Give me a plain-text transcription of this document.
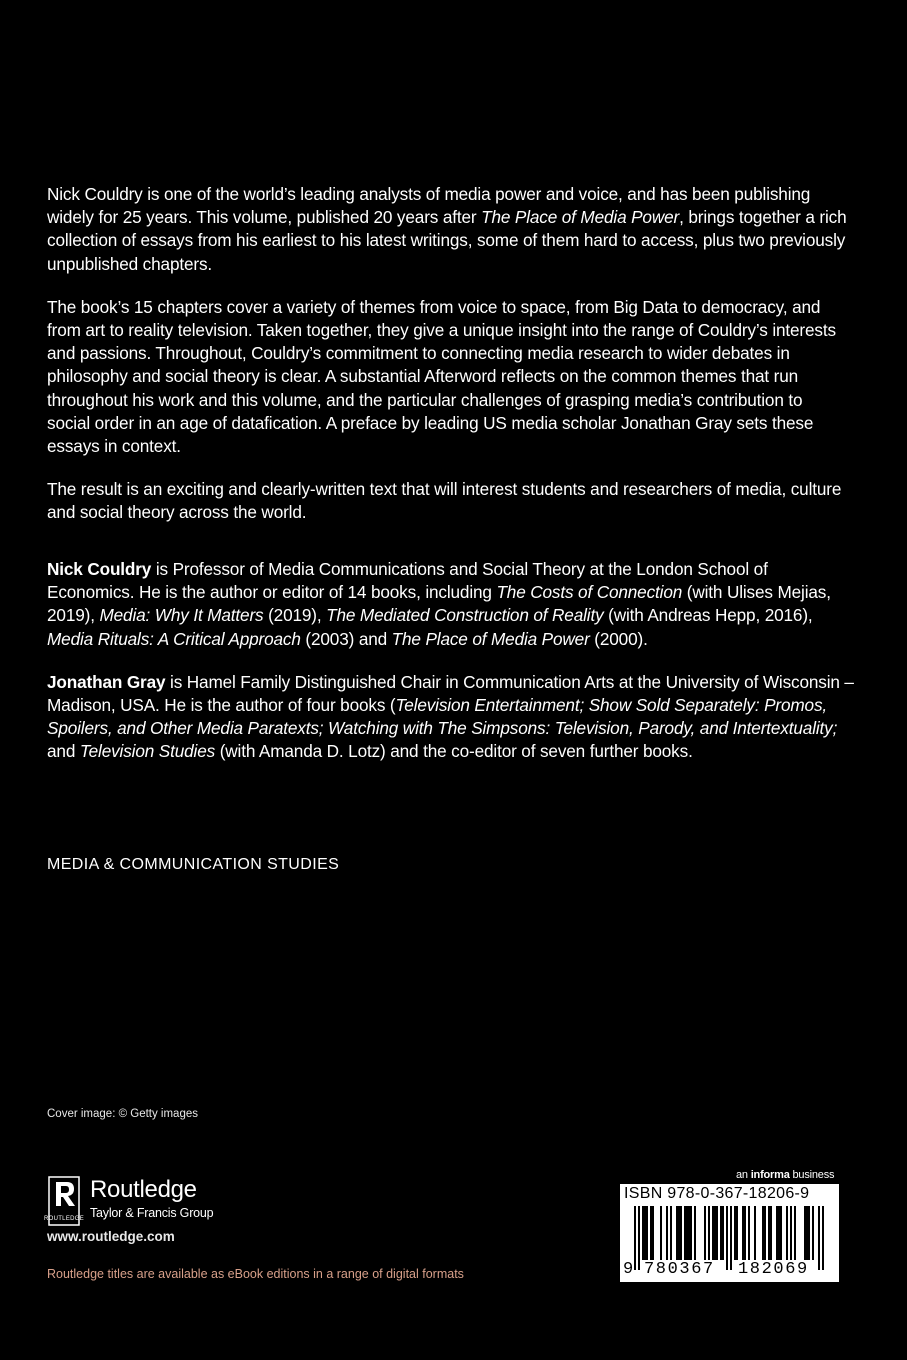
Nick Couldry is one of the world’s leading analysts of media power and voice, and has been publishing widely for 25 years. This volume, published 20 years after The Place of Media Power, brings together a rich collection of essays from his earliest to his latest writings, some of them hard to access, plus two previously unpublished chapters.

The book’s 15 chapters cover a variety of themes from voice to space, from Big Data to democracy, and from art to reality television. Taken together, they give a unique insight into the range of Couldry’s interests and passions. Throughout, Couldry’s commitment to connecting media research to wider debates in philosophy and social theory is clear. A substantial Afterword reflects on the common themes that run throughout his work and this volume, and the particular challenges of grasping media’s contribution to social order in an age of datafication. A preface by leading US media scholar Jonathan Gray sets these essays in context.

The result is an exciting and clearly-written text that will interest students and researchers of media, culture and social theory across the world.

Nick Couldry is Professor of Media Communications and Social Theory at the London School of Economics. He is the author or editor of 14 books, including The Costs of Connection (with Ulises Mejias, 2019), Media: Why It Matters (2019), The Mediated Construction of Reality (with Andreas Hepp, 2016), Media Rituals: A Critical Approach (2003) and The Place of Media Power (2000).

Jonathan Gray is Hamel Family Distinguished Chair in Communication Arts at the University of Wisconsin – Madison, USA. He is the author of four books (Television Entertainment; Show Sold Separately: Promos, Spoilers, and Other Media Paratexts; Watching with The Simpsons: Television, Parody, and Intertextuality; and Television Studies (with Amanda D. Lotz) and the co-editor of seven further books.

MEDIA & COMMUNICATION STUDIES
Cover image: © Getty images
ROUTLEDGE
Routledge
Taylor & Francis Group
www.routledge.com
Routledge titles are available as eBook editions in a range of digital formats
an informa business
ISBN 978-0-367-18206-9
9 780367 182069
